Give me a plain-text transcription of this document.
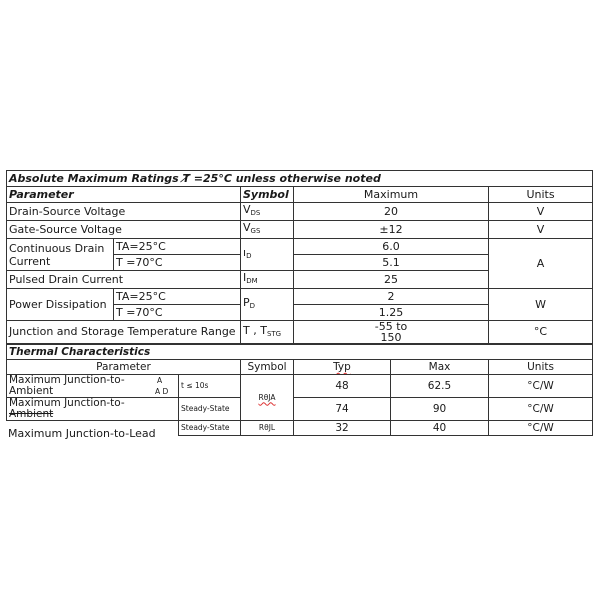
Absolute Maximum Ratings T̸ =25°C unless otherwise noted				
Parameter		Symbol	Maximum	Units
Drain-Source Voltage		$V_{DS}$	20	V
Gate-Source Voltage		$V_{GS}$	±12	V

Continuous Drain
Current	TA=25°C	$ı_D$	6.0	A
	T =70°C		5.1	
Pulsed Drain Current		$I_{DM}$	25	
Power Dissipation	TA=25°C	$P_D$	2	W
	T =70°C		1.25	
Junction and Storage Temperature Range		T , $T_{STG}$	-55 to
150	°C
Thermal Characteristics					
Parameter		Symbol	Typ	Max	Units

Maximum Junction-to-
Ambient
A
A D	t ≤ 10s	RθJA	48	62.5	°C/W

Maximum Junction-to-
Ambient	Steady-State		74	90	°C/W
	Steady-State	RθJL	32	40	°C/W
Maximum Junction-to-Lead
